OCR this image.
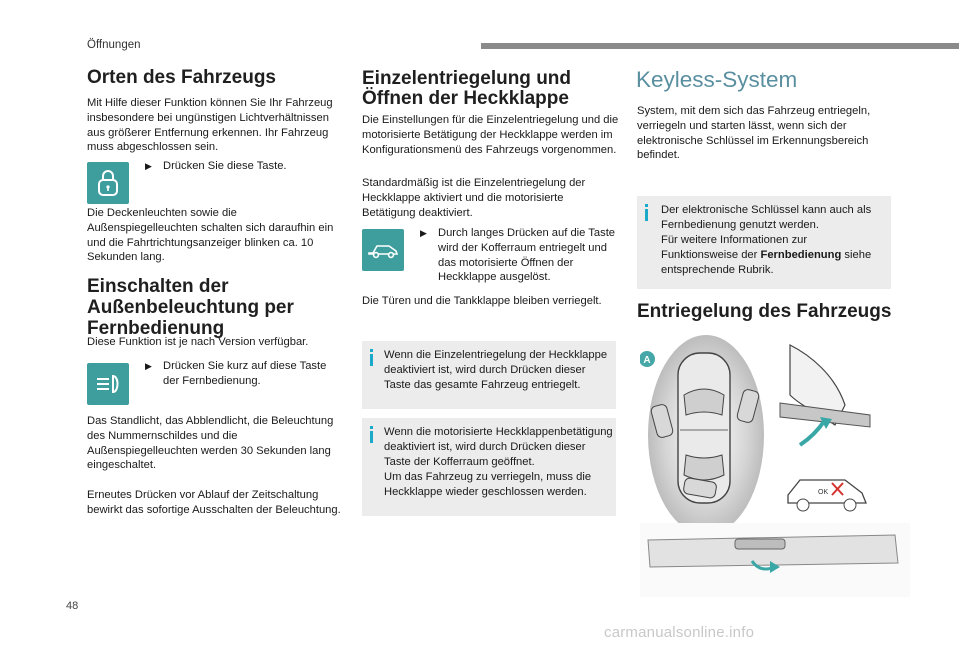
Öffnungen
Orten des Fahrzeugs
Mit Hilfe dieser Funktion können Sie Ihr Fahrzeug insbesondere bei ungünstigen Lichtverhältnissen aus größerer Entfernung erkennen. Ihr Fahrzeug muss abgeschlossen sein.
▶ Drücken Sie diese Taste.
Die Deckenleuchten sowie die Außenspiegelleuchten schalten sich daraufhin ein und die Fahrtrichtungsanzeiger blinken ca. 10 Sekunden lang.
Einschalten der
Außenbeleuchtung per
Fernbedienung
Diese Funktion ist je nach Version verfügbar.
▶ Drücken Sie kurz auf diese Taste der Fernbedienung.
Das Standlicht, das Abblendlicht, die Beleuchtung des Nummernschildes und die Außenspiegelleuchten werden 30 Sekunden lang eingeschaltet.
Erneutes Drücken vor Ablauf der Zeitschaltung bewirkt das sofortige Ausschalten der Beleuchtung.
Einzelentriegelung und
Öffnen der Heckklappe
Die Einstellungen für die Einzelentriegelung und die motorisierte Betätigung der Heckklappe werden im Konfigurationsmenü des Fahrzeugs vorgenommen.
Standardmäßig ist die Einzelentriegelung der Heckklappe aktiviert und die motorisierte Betätigung deaktiviert.
▶ Durch langes Drücken auf die Taste wird der Kofferraum entriegelt und das motorisierte Öffnen der Heckklappe ausgelöst.
Die Türen und die Tankklappe bleiben verriegelt.
Wenn die Einzelentriegelung der Heckklappe deaktiviert ist, wird durch Drücken dieser Taste das gesamte Fahrzeug entriegelt.
Wenn die motorisierte Heckklappenbetätigung deaktiviert ist, wird durch Drücken dieser Taste der Kofferraum geöffnet.
Um das Fahrzeug zu verriegeln, muss die Heckklappe wieder geschlossen werden.
Keyless-System
System, mit dem sich das Fahrzeug entriegeln, verriegeln und starten lässt, wenn sich der elektronische Schlüssel im Erkennungsbereich befindet.
Der elektronische Schlüssel kann auch als Fernbedienung genutzt werden.
Für weitere Informationen zur Funktionsweise der Fernbedienung siehe entsprechende Rubrik.
Entriegelung des Fahrzeugs
A
OK
48
carmanualsonline.info
